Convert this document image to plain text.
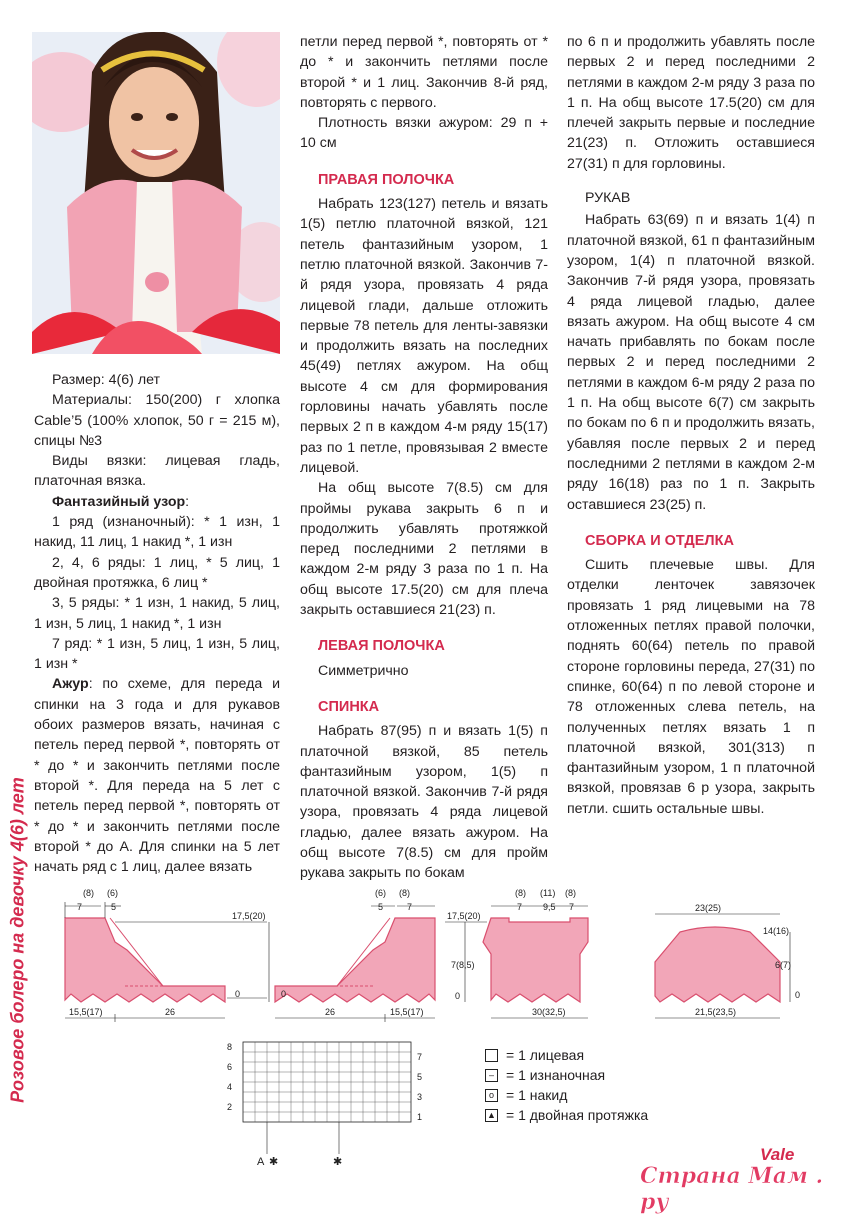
Розовое болеро на девочку 4(6) лет

Размер: 4(6) лет

Материалы: 150(200) г хлопка Cable’5 (100% хлопок, 50 г = 215 м), спицы №3

Виды вязки: лицевая гладь, платочная вязка.

Фантазийный узор:

1 ряд (изнаночный): * 1 изн, 1 накид, 11 лиц, 1 накид *, 1 изн

2, 4, 6 ряды: 1 лиц, * 5 лиц, 1 двойная протяжка, 6 лиц *

3, 5 ряды: * 1 изн, 1 накид, 5 лиц, 1 изн, 5 лиц, 1 накид *, 1 изн

7 ряд: * 1 изн, 5 лиц, 1 изн, 5 лиц, 1 изн *

Ажур: по схеме, для переда и спинки на 3 года и для рукавов обоих размеров вязать, начиная с петель перед первой *, повторять от * до * и закончить петлями после второй *. Для переда на 5 лет с петель перед первой *, повторять от * до * и закончить петлями после второй * до А. Для спинки на 5 лет начать ряд с 1 лиц, далее вязать

петли перед первой *, повторять от * до * и закончить петлями после второй * и 1 лиц. Закончив 8-й ряд, повторять с первого.

Плотность вязки ажуром: 29 п + 10 см

ПРАВАЯ ПОЛОЧКА

Набрать 123(127) петель и вязать 1(5) петлю платочной вязкой, 121 петель фантазийным узором, 1 петлю платочной вязкой. Закончив 7-й рядя узора, провязать 4 ряда лицевой глади, дальше отложить первые 78 петель для ленты-завязки и продолжить вязать на последних 45(49) петлях ажуром. На общ высоте 4 см для формирования горловины начать убавлять после первых 2 п в каждом 4-м ряду 15(17) раз по 1 петле, провязывая 2 вместе лицевой.

На общ высоте 7(8.5) см для проймы рукава закрыть 6 п и продолжить убавлять протяжкой перед последними 2 петлями в каждом 2-м ряду 3 раза по 1 п. На общ высоте 17.5(20) см для плеча закрыть оставшиеся 21(23) п.

ЛЕВАЯ ПОЛОЧКА

Симметрично

СПИНКА

Набрать 87(95) п и вязать 1(5) п платочной вязкой, 85 петель фантазийным узором, 1(5) п платочной вязкой. Закончив 7-й рядя узора, провязать 4 ряда лицевой гладью, далее вязать ажуром. На общ высоте 7(8.5) см для пройм рукава закрыть по бокам

по 6 п и продолжить убавлять после первых 2 и перед последними 2 петлями в каждом 2-м ряду 3 раза по 1 п. На общ высоте 17.5(20) см для плечей закрыть первые и последние 21(23) п. Отложить оставшиеся 27(31) п для горловины.

РУКАВ

Набрать 63(69) п и вязать 1(4) п платочной вязкой, 61 п фантазийным узором, 1(4) п платочной вязкой. Закончив 7-й рядя узора, провязать 4 ряда лицевой гладью, далее вязать ажуром. На общ высоте 4 см начать прибавлять по бокам после первых 2 и перед последними 2 петлями в каждом 6-м ряду 2 раза по 1 п. На общ высоте 6(7) см закрыть по бокам по 6 п и продолжить вязать, убавляя после первых 2 и перед последними 2 петлями в каждом 2-м ряду 16(18) раз по 1 п. Закрыть оставшиеся 23(25) п.

СБОРКА И ОТДЕЛКА

Сшить плечевые швы. Для отделки ленточек завязочек провязать 1 ряд лицевыми на 78 отложенных петлях правой полочки, поднять 60(64) петель по правой стороне горловины переда, 27(31) по спинке, 60(64) п по левой стороне и 78 отложенных слева петель, на полученных петлях вязать 1 п платочной вязкой, 301(313) п фантазийным узором, 1 п платочной вязкой, провязав 6 р узора, закрыть петли. сшить остальные швы.

(8) (6)
7	5
17,5(20)
0
15,5(17)	26
(6) (8)
5	7
0
26	15,5(17)
17,5(20)
7(8,5)
0
(8) (11) (8)
7 9,5 7
30(32,5)
23(25)
14(16)
6(7)
0
21,5(23,5)
8
6
4
2
7
5
3
1
А ✱	✱
= 1 лицевая
– = 1 изнаночная
o = 1 накид
▲ = 1 двойная протяжка
Vale
Страна Мам . ру
